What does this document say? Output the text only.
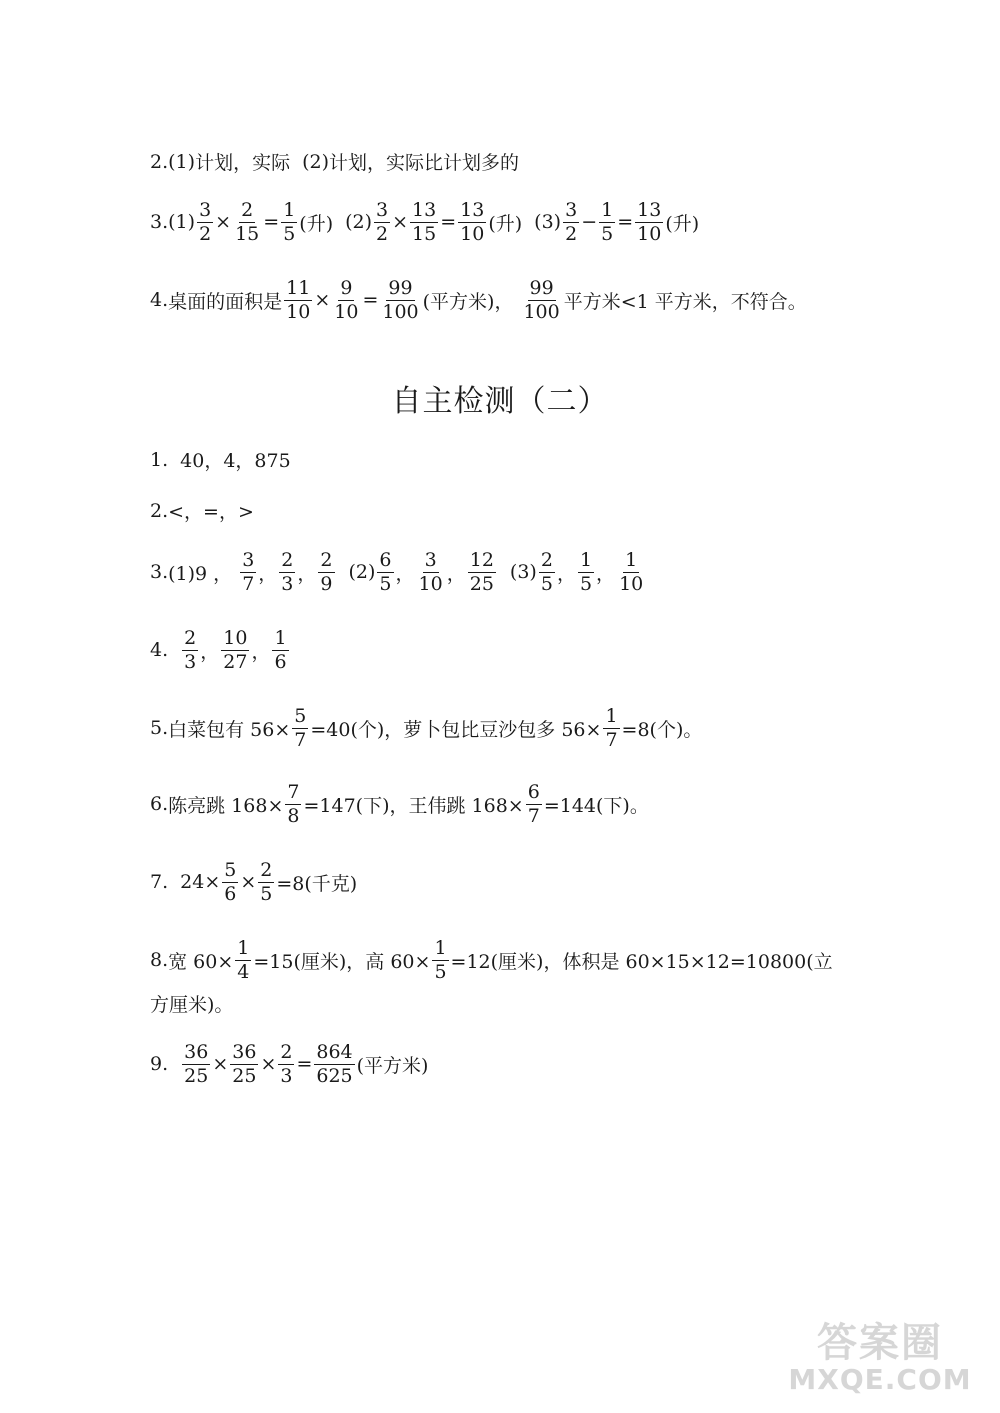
2. (1) 计划，实际 (2) 计划，实际比计划多的
3. $(1) \frac{3}{2} \times \frac{2}{15} = \frac{1}{5}$ (升) $(2) \frac{3}{2} \times \frac{13}{15} = \frac{13}{10}$ (升) $(3) \frac{3}{2} - \frac{1}{5} = \frac{13}{10}$ (升)
4. 桌面的面积是 $\frac{11}{10} \times \frac{9}{10} = \frac{99}{100}$ (平方米)， $\frac{99}{100}$ 平方米<1 平方米，不符合。
自主检测（二）
1. 40，4，875
2. <，=，>
3. (1)9 ， $\frac{3}{7}$ ， $\frac{2}{3}$ ， $\frac{2}{9} (2) \frac{6}{5}$ ， $\frac{3}{10}$ ， $\frac{12}{25} (3) \frac{2}{5}$ ， $\frac{1}{5}$ ， $\frac{1}{10}$
4. $\frac{2}{3}$ ， $\frac{10}{27}$ ， $\frac{1}{6}$
5. 白菜包有 $56\times \frac{5}{7} =40$(个)，萝卜包比豆沙包多 $56\times \frac{1}{7} =8$(个)。
6. 陈亮跳 $168\times \frac{7}{8} =147$(下)，王伟跳 $168\times \frac{6}{7} =144$(下)。
7. $24\times \frac{5}{6} \times \frac{2}{5} =8$(千克)
8. 宽 $60\times \frac{1}{4} =15$(厘米)，高 $60\times \frac{1}{5} =12$(厘米)，体积是 60×15×12=10800(立
方厘米)。
9. $\frac{36}{25} \times \frac{36}{25} \times \frac{2}{3} = \frac{864}{625}$ (平方米)
答案圈
MXQE.COM
